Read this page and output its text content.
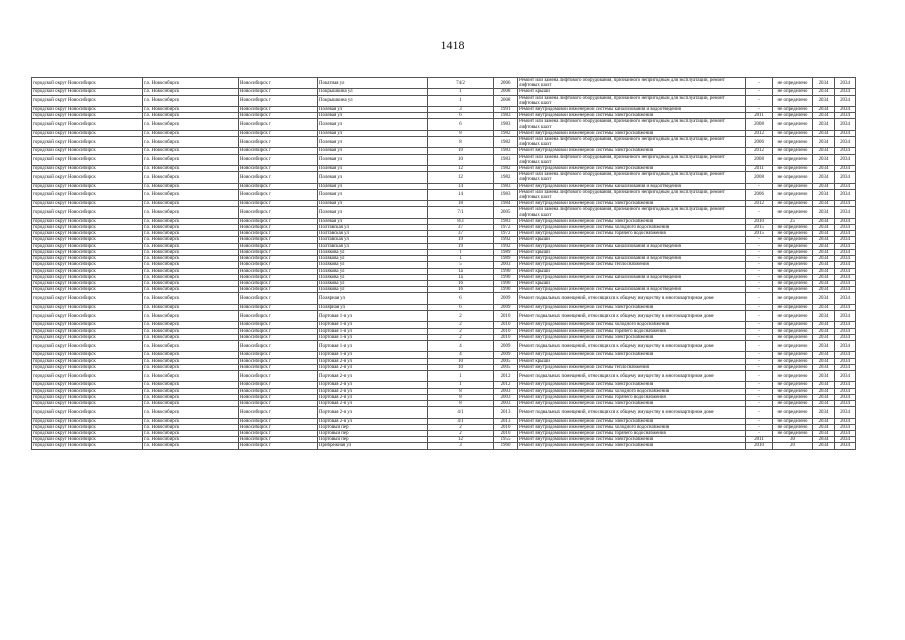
1418
городской округ Новосибирск	г.о. Новосибирск	Новосибирск г	Покатная ул	74/2	2006	Ремонт или замена лифтового оборудования, признанного непригодным для эксплуатации, ремонт лифтовых шахт	-	не определено	2034	2034
городской округ Новосибирск	г.о. Новосибирск	Новосибирск г	Покрышкина ул	1	2008	Ремонт крыши	-	не определено	2034	2034
городской округ Новосибирск	г.о. Новосибирск	Новосибирск г	Покрышкина ул	1	2008	Ремонт или замена лифтового оборудования, признанного непригодным для эксплуатации, ремонт лифтовых шахт	-	не определено	2034	2034
городской округ Новосибирск	г.о. Новосибирск	Новосибирск г	Полевая ул	3	1991	Ремонт внутридомовой инженерной системы канализования и водоотведения	-	не определено	2034	2034
городской округ Новосибирск	г.о. Новосибирск	Новосибирск г	Полевая ул	6	1983	Ремонт внутридомовой инженерной системы электроснабжения	2011	не определено	2034	2034
городской округ Новосибирск	г.о. Новосибирск	Новосибирск г	Полевая ул	6	1983	Ремонт или замена лифтового оборудования, признанного непригодным для эксплуатации, ремонт лифтовых шахт	2008	не определено	2034	2034
городской округ Новосибирск	г.о. Новосибирск	Новосибирск г	Полевая ул	8	1982	Ремонт внутридомовой инженерной системы электроснабжения	2012	не определено	2034	2034
городской округ Новосибирск	г.о. Новосибирск	Новосибирск г	Полевая ул	8	1982	Ремонт или замена лифтового оборудования, признанного непригодным для эксплуатации, ремонт лифтовых шахт	2006	не определено	2034	2034
городской округ Новосибирск	г.о. Новосибирск	Новосибирск г	Полевая ул	10	1983	Ремонт внутридомовой инженерной системы электроснабжения	2012	не определено	2034	2034
городской округ Новосибирск	г.о. Новосибирск	Новосибирск г	Полевая ул	10	1983	Ремонт или замена лифтового оборудования, признанного непригодным для эксплуатации, ремонт лифтовых шахт	2008	не определено	2034	2034
городской округ Новосибирск	г.о. Новосибирск	Новосибирск г	Полевая ул	12	1982	Ремонт внутридомовой инженерной системы электроснабжения	2011	не определено	2034	2034
городской округ Новосибирск	г.о. Новосибирск	Новосибирск г	Полевая ул	12	1982	Ремонт или замена лифтового оборудования, признанного непригодным для эксплуатации, ремонт лифтовых шахт	2008	не определено	2034	2034
городской округ Новосибирск	г.о. Новосибирск	Новосибирск г	Полевая ул	14	1983	Ремонт внутридомовой инженерной системы канализования и водоотведения	-	не определено	2034	2034
городской округ Новосибирск	г.о. Новосибирск	Новосибирск г	Полевая ул	14	1983	Ремонт или замена лифтового оборудования, признанного непригодным для эксплуатации, ремонт лифтовых шахт	2006	не определено	2034	2034
городской округ Новосибирск	г.о. Новосибирск	Новосибирск г	Полевая ул	18	1984	Ремонт внутридомовой инженерной системы электроснабжения	2012	не определено	2034	2034
городской округ Новосибирск	г.о. Новосибирск	Новосибирск г	Полевая ул	7/1	2005	Ремонт или замена лифтового оборудования, признанного непригодным для эксплуатации, ремонт лифтовых шахт	-	не определено	2034	2034
городской округ Новосибирск	г.о. Новосибирск	Новосибирск г	Полевая ул	8/3	1983	Ремонт внутридомовой инженерной системы электроснабжения	2010	25	2034	2034
городской округ Новосибирск	г.о. Новосибирск	Новосибирск г	Полтавская ул	37	1972	Ремонт внутридомовой инженерной системы холодного водоснабжения	2015	не определено	2034	2034
городской округ Новосибирск	г.о. Новосибирск	Новосибирск г	Полтавская ул	37	1972	Ремонт внутридомовой инженерной системы горячего водоснабжения	2015	не определено	2034	2034
городской округ Новосибирск	г.о. Новосибирск	Новосибирск г	Полтавская ул	19	1992	Ремонт крыши	-	не определено	2034	2034
городской округ Новосибирск	г.о. Новосибирск	Новосибирск г	Полтавская ул	19	1992	Ремонт внутридомовой инженерной системы канализования и водоотведения	-	не определено	2034	2034
городской округ Новосибирск	г.о. Новосибирск	Новосибирск г	Полякова ул	1	1989	Ремонт крыши	-	не определено	2034	2034
городской округ Новосибирск	г.о. Новосибирск	Новосибирск г	Полякова ул	1	1989	Ремонт внутридомовой инженерной системы канализования и водоотведения	-	не определено	2034	2034
городской округ Новосибирск	г.о. Новосибирск	Новосибирск г	Полякова ул	5	2003	Ремонт внутридомовой инженерной системы теплоснабжения	-	не определено	2034	2034
городской округ Новосибирск	г.о. Новосибирск	Новосибирск г	Полякова ул	1а	1990	Ремонт крыши	-	не определено	2034	2034
городской округ Новосибирск	г.о. Новосибирск	Новосибирск г	Полякова ул	1а	1990	Ремонт внутридомовой инженерной системы канализования и водоотведения	-	не определено	2034	2034
городской округ Новосибирск	г.о. Новосибирск	Новосибирск г	Полякова ул	16	1990	Ремонт крыши	-	не определено	2034	2034
городской округ Новосибирск	г.о. Новосибирск	Новосибирск г	Полякова ул	16	1990	Ремонт внутридомовой инженерной системы канализования и водоотведения	-	не определено	2034	2034
городской округ Новосибирск	г.о. Новосибирск	Новосибирск г	Полярная ул	6	2009	Ремонт подвальных помещений, относящихся к общему имуществу в многоквартирном доме	-	не определено	2034	2034
городской округ Новосибирск	г.о. Новосибирск	Новосибирск г	Полярная ул	6	2009	Ремонт внутридомовой инженерной системы электроснабжения	-	не определено	2034	2034
городской округ Новосибирск	г.о. Новосибирск	Новосибирск г	Портовая 1-я ул	2	2010	Ремонт подвальных помещений, относящихся к общему имуществу в многоквартирном доме	-	не определено	2034	2034
городской округ Новосибирск	г.о. Новосибирск	Новосибирск г	Портовая 1-я ул	2	2010	Ремонт внутридомовой инженерной системы холодного водоснабжения	-	не определено	2034	2034
городской округ Новосибирск	г.о. Новосибирск	Новосибирск г	Портовая 1-я ул	2	2010	Ремонт внутридомовой инженерной системы горячего водоснабжения	-	не определено	2034	2034
городской округ Новосибирск	г.о. Новосибирск	Новосибирск г	Портовая 1-я ул	2	2010	Ремонт внутридомовой инженерной системы электроснабжения	-	не определено	2034	2034
городской округ Новосибирск	г.о. Новосибирск	Новосибирск г	Портовая 1-я ул	4	2009	Ремонт подвальных помещений, относящихся к общему имуществу в многоквартирном доме	-	не определено	2034	2034
городской округ Новосибирск	г.о. Новосибирск	Новосибирск г	Портовая 1-я ул	4	2009	Ремонт внутридомовой инженерной системы электроснабжения	-	не определено	2034	2034
городской округ Новосибирск	г.о. Новосибирск	Новосибирск г	Портовая 2-я ул	10	2005	Ремонт крыши	-	не определено	2034	2034
городской округ Новосибирск	г.о. Новосибирск	Новосибирск г	Портовая 2-я ул	10	2005	Ремонт внутридомовой инженерной системы теплоснабжения	-	не определено	2034	2034
городской округ Новосибирск	г.о. Новосибирск	Новосибирск г	Портовая 2-я ул	1	2012	Ремонт подвальных помещений, относящихся к общему имуществу в многоквартирном доме	-	не определено	2034	2034
городской округ Новосибирск	г.о. Новосибирск	Новосибирск г	Портовая 2-я ул	1	2012	Ремонт внутридомовой инженерной системы электроснабжения	-	не определено	2034	2034
городской округ Новосибирск	г.о. Новосибирск	Новосибирск г	Портовая 2-я ул	8	2003	Ремонт внутридомовой инженерной системы холодного водоснабжения	-	не определено	2034	2034
городской округ Новосибирск	г.о. Новосибирск	Новосибирск г	Портовая 2-я ул	8	2003	Ремонт внутридомовой инженерной системы горячего водоснабжения	-	не определено	2034	2034
городской округ Новосибирск	г.о. Новосибирск	Новосибирск г	Портовая 2-я ул	8	2003	Ремонт внутридомовой инженерной системы электроснабжения	-	не определено	2034	2034
городской округ Новосибирск	г.о. Новосибирск	Новосибирск г	Портовая 2-я ул	4/1	2013	Ремонт подвальных помещений, относящихся к общему имуществу в многоквартирном доме	-	не определено	2034	2034
городской округ Новосибирск	г.о. Новосибирск	Новосибирск г	Портовая 2-я ул	4/1	2013	Ремонт внутридомовой инженерной системы электроснабжения	-	не определено	2034	2034
городской округ Новосибирск	г.о. Новосибирск	Новосибирск г	Портовый пер	2	2010	Ремонт внутридомовой инженерной системы холодного водоснабжения	-	не определено	2034	2034
городской округ Новосибирск	г.о. Новосибирск	Новосибирск г	Портовый пер	2	2010	Ремонт внутридомовой инженерной системы горячего водоснабжения	-	не определено	2034	2034
городской округ Новосибирск	г.о. Новосибирск	Новосибирск г	Портовый пер	12	1955	Ремонт внутридомовой инженерной системы электроснабжения	2011	30	2034	2034
городской округ Новосибирск	г.о. Новосибирск	Новосибирск г	Прибрежная ул	3	1960	Ремонт внутридомовой инженерной системы электроснабжения	2010	20	2034	2034
